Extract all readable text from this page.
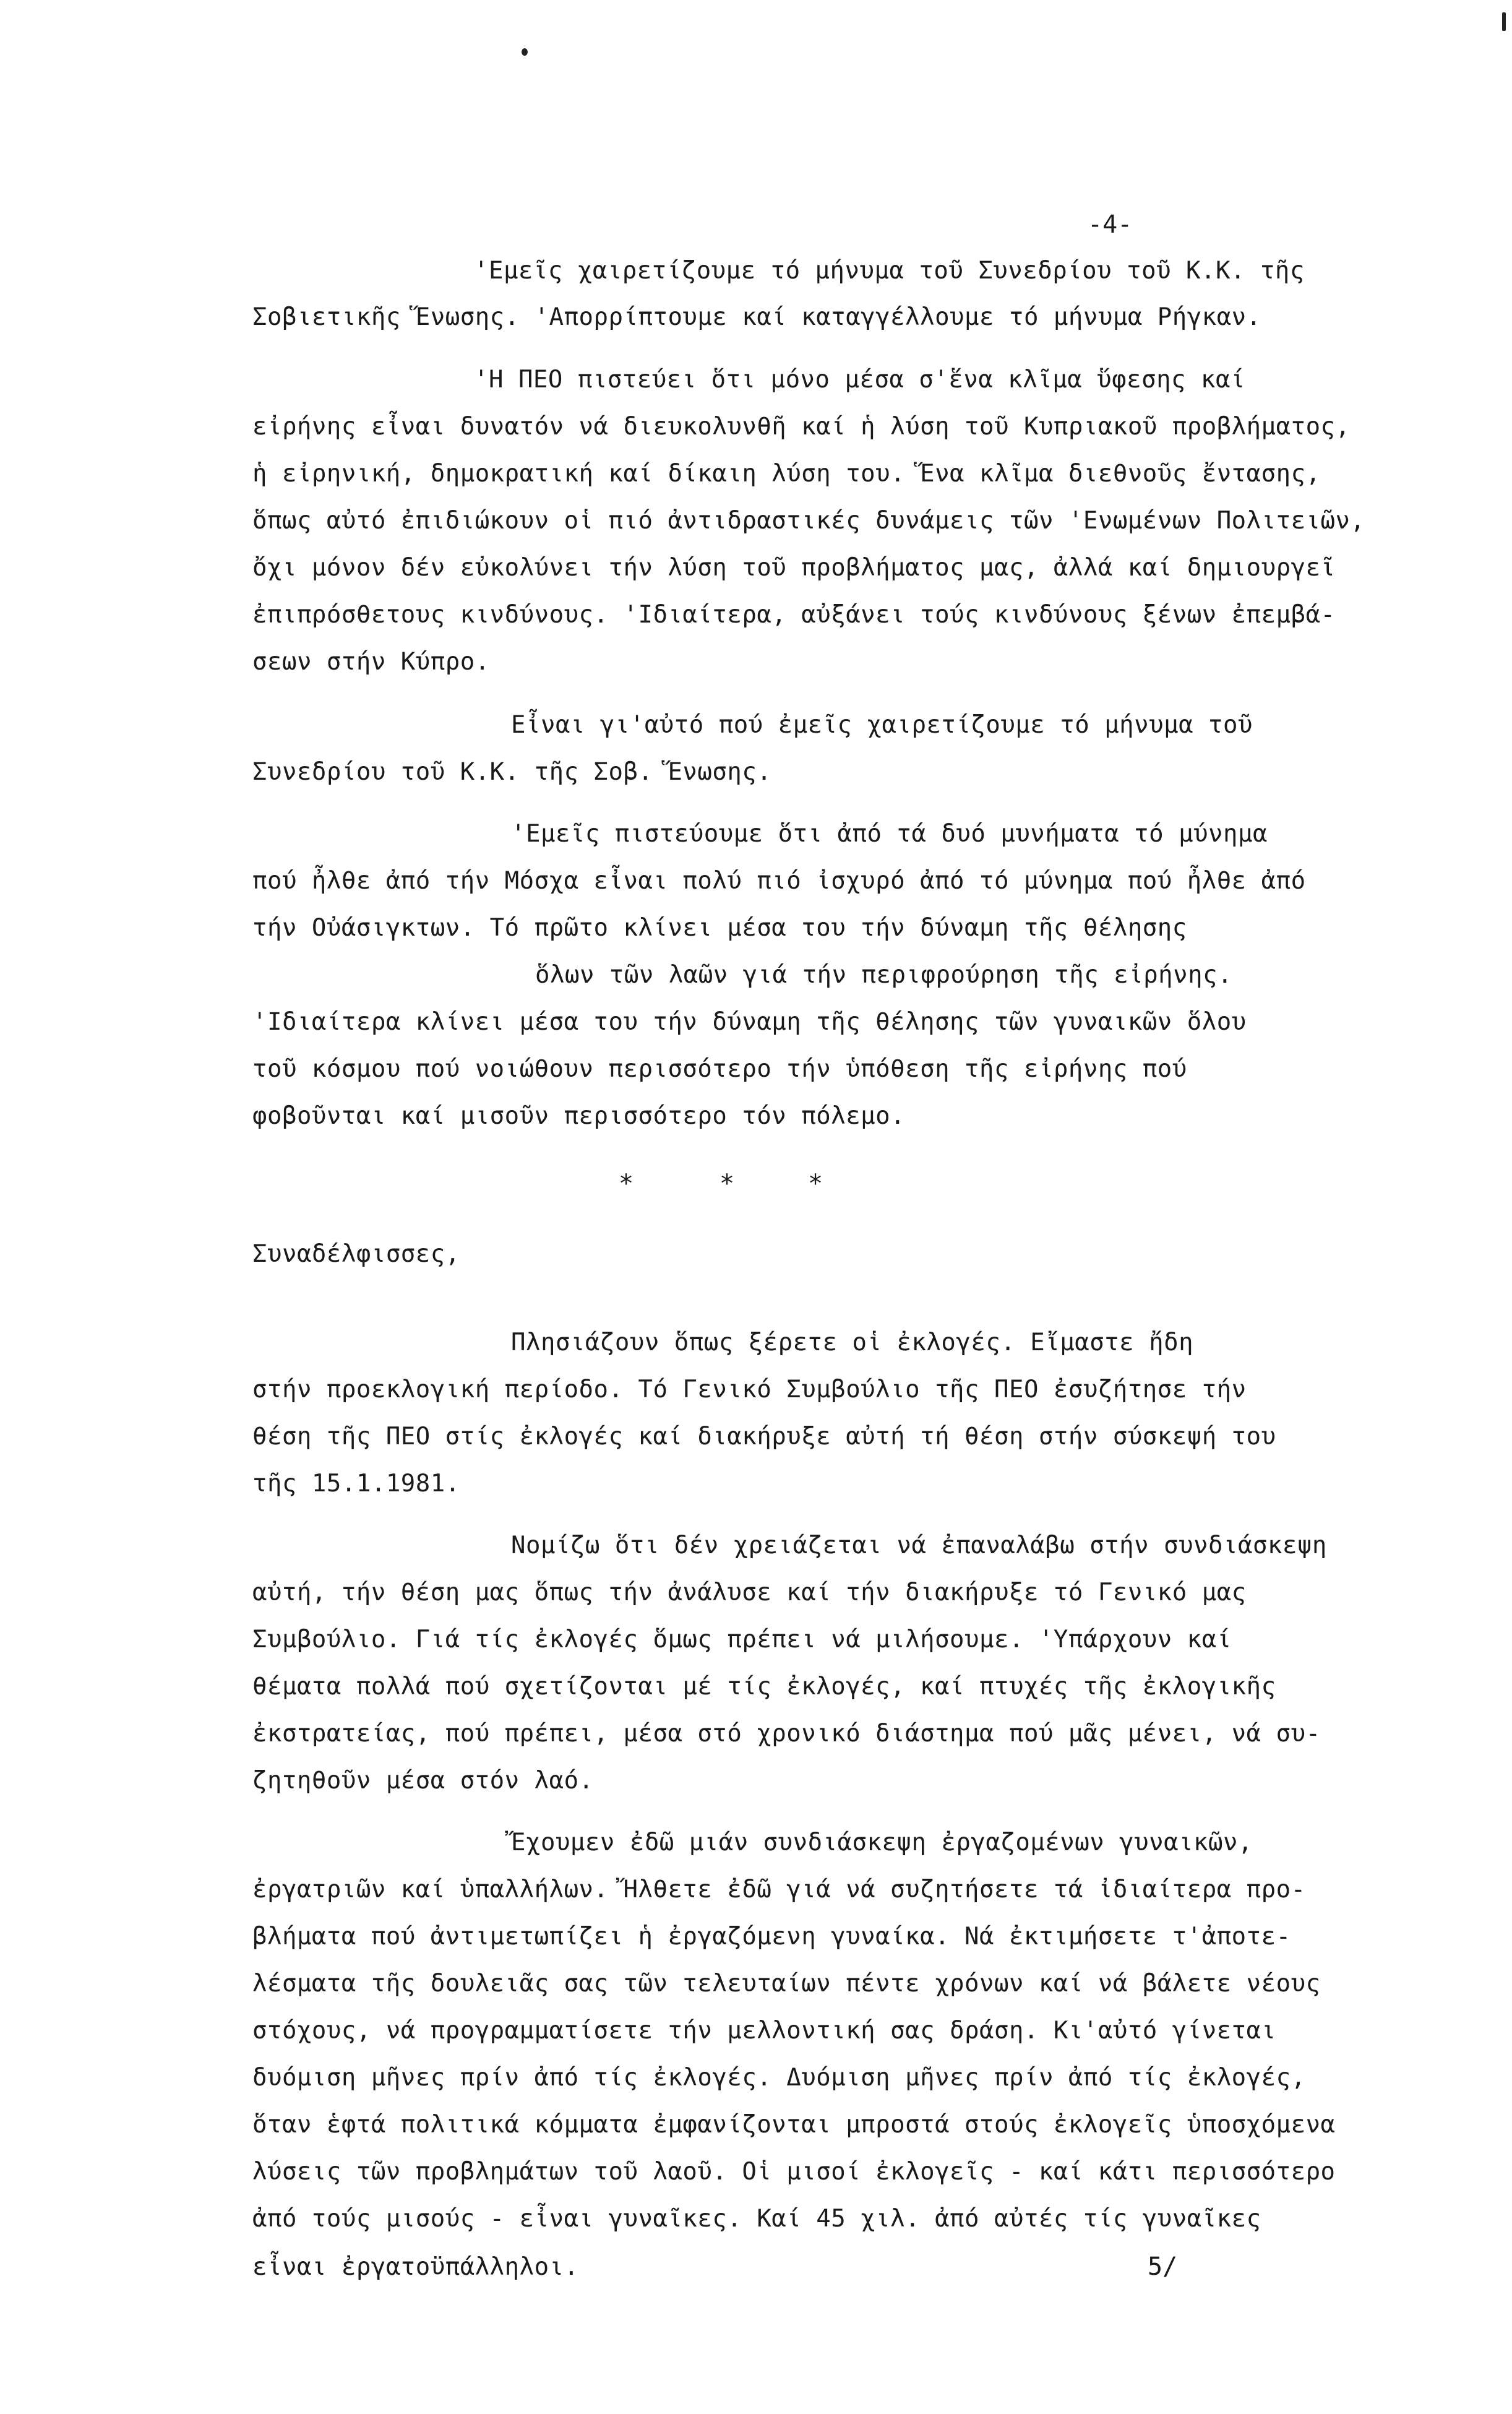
-4-
'Εμεῖς χαιρετίζουμε τό μήνυμα τοῦ Συνεδρίου τοῦ Κ.Κ. τῆς
Σοβιετικῆς Ἕνωσης. 'Απορρίπτουμε καί καταγγέλλουμε τό μήνυμα Ρήγκαν.
'Η ΠΕΟ πιστεύει ὅτι μόνο μέσα σ'ἕνα κλῖμα ὕφεσης καί
εἰρήνης εἶναι δυνατόν νά διευκολυνθῆ καί ἡ λύση τοῦ Κυπριακοῦ προβλήματος,
ἡ εἰρηνική, δημοκρατική καί δίκαιη λύση του. Ἕνα κλῖμα διεθνοῦς ἔντασης,
ὅπως αὐτό ἐπιδιώκουν οἱ πιό ἀντιδραστικές δυνάμεις τῶν 'Ενωμένων Πολιτειῶν,
ὄχι μόνον δέν εὐκολύνει τήν λύση τοῦ προβλήματος μας, ἀλλά καί δημιουργεῖ
ἐπιπρόσθετους κινδύνους. 'Ιδιαίτερα, αὐξάνει τούς κινδύνους ξένων ἐπεμβά-
σεων στήν Κύπρο.
Εἶναι γι'αὐτό πού ἐμεῖς χαιρετίζουμε τό μήνυμα τοῦ
Συνεδρίου τοῦ Κ.Κ. τῆς Σοβ. Ἕνωσης.
'Εμεῖς πιστεύουμε ὅτι ἀπό τά δυό μυνήματα τό μύνημα
πού ἦλθε ἀπό τήν Μόσχα εἶναι πολύ πιό ἰσχυρό ἀπό τό μύνημα πού ἦλθε ἀπό
τήν Οὐάσιγκτων. Τό πρῶτο κλίνει μέσα του τήν δύναμη τῆς θέλησης
ὅλων τῶν λαῶν γιά τήν περιφρούρηση τῆς εἰρήνης.
'Ιδιαίτερα κλίνει μέσα του τήν δύναμη τῆς θέλησης τῶν γυναικῶν ὅλου
τοῦ κόσμου πού νοιώθουν περισσότερο τήν ὑπόθεση τῆς εἰρήνης πού
φοβοῦνται καί μισοῦν περισσότερο τόν πόλεμο.
*	*	*
Συναδέλφισσες,
Πλησιάζουν ὅπως ξέρετε οἱ ἐκλογές. Εἴμαστε ἤδη
στήν προεκλογική περίοδο. Τό Γενικό Συμβούλιο τῆς ΠΕΟ ἐσυζήτησε τήν
θέση τῆς ΠΕΟ στίς ἐκλογές καί διακήρυξε αὐτή τή θέση στήν σύσκεψή του
τῆς 15.1.1981.
Νομίζω ὅτι δέν χρειάζεται νά ἐπαναλάβω στήν συνδιάσκεψη
αὐτή, τήν θέση μας ὅπως τήν ἀνάλυσε καί τήν διακήρυξε τό Γενικό μας
Συμβούλιο. Γιά τίς ἐκλογές ὅμως πρέπει νά μιλήσουμε. 'Υπάρχουν καί
θέματα πολλά πού σχετίζονται μέ τίς ἐκλογές, καί πτυχές τῆς ἐκλογικῆς
ἐκστρατείας, πού πρέπει, μέσα στό χρονικό διάστημα πού μᾶς μένει, νά συ-
ζητηθοῦν μέσα στόν λαό.
Ἔχουμεν ἐδῶ μιάν συνδιάσκεψη ἐργαζομένων γυναικῶν,
ἐργατριῶν καί ὑπαλλήλων. Ἤλθετε ἐδῶ γιά νά συζητήσετε τά ἰδιαίτερα προ-
βλήματα πού ἀντιμετωπίζει ἡ ἐργαζόμενη γυναίκα. Νά ἐκτιμήσετε τ'ἀποτε-
λέσματα τῆς δουλειᾶς σας τῶν τελευταίων πέντε χρόνων καί νά βάλετε νέους
στόχους, νά προγραμματίσετε τήν μελλοντική σας δράση. Κι'αὐτό γίνεται
δυόμιση μῆνες πρίν ἀπό τίς ἐκλογές. Δυόμιση μῆνες πρίν ἀπό τίς ἐκλογές,
ὅταν ἑφτά πολιτικά κόμματα ἐμφανίζονται μπροστά στούς ἐκλογεῖς ὑποσχόμενα
λύσεις τῶν προβλημάτων τοῦ λαοῦ. Οἱ μισοί ἐκλογεῖς - καί κάτι περισσότερο
ἀπό τούς μισούς - εἶναι γυναῖκες. Καί 45 χιλ. ἀπό αὐτές τίς γυναῖκες
εἶναι ἐργατοϋπάλληλοι.	5/
